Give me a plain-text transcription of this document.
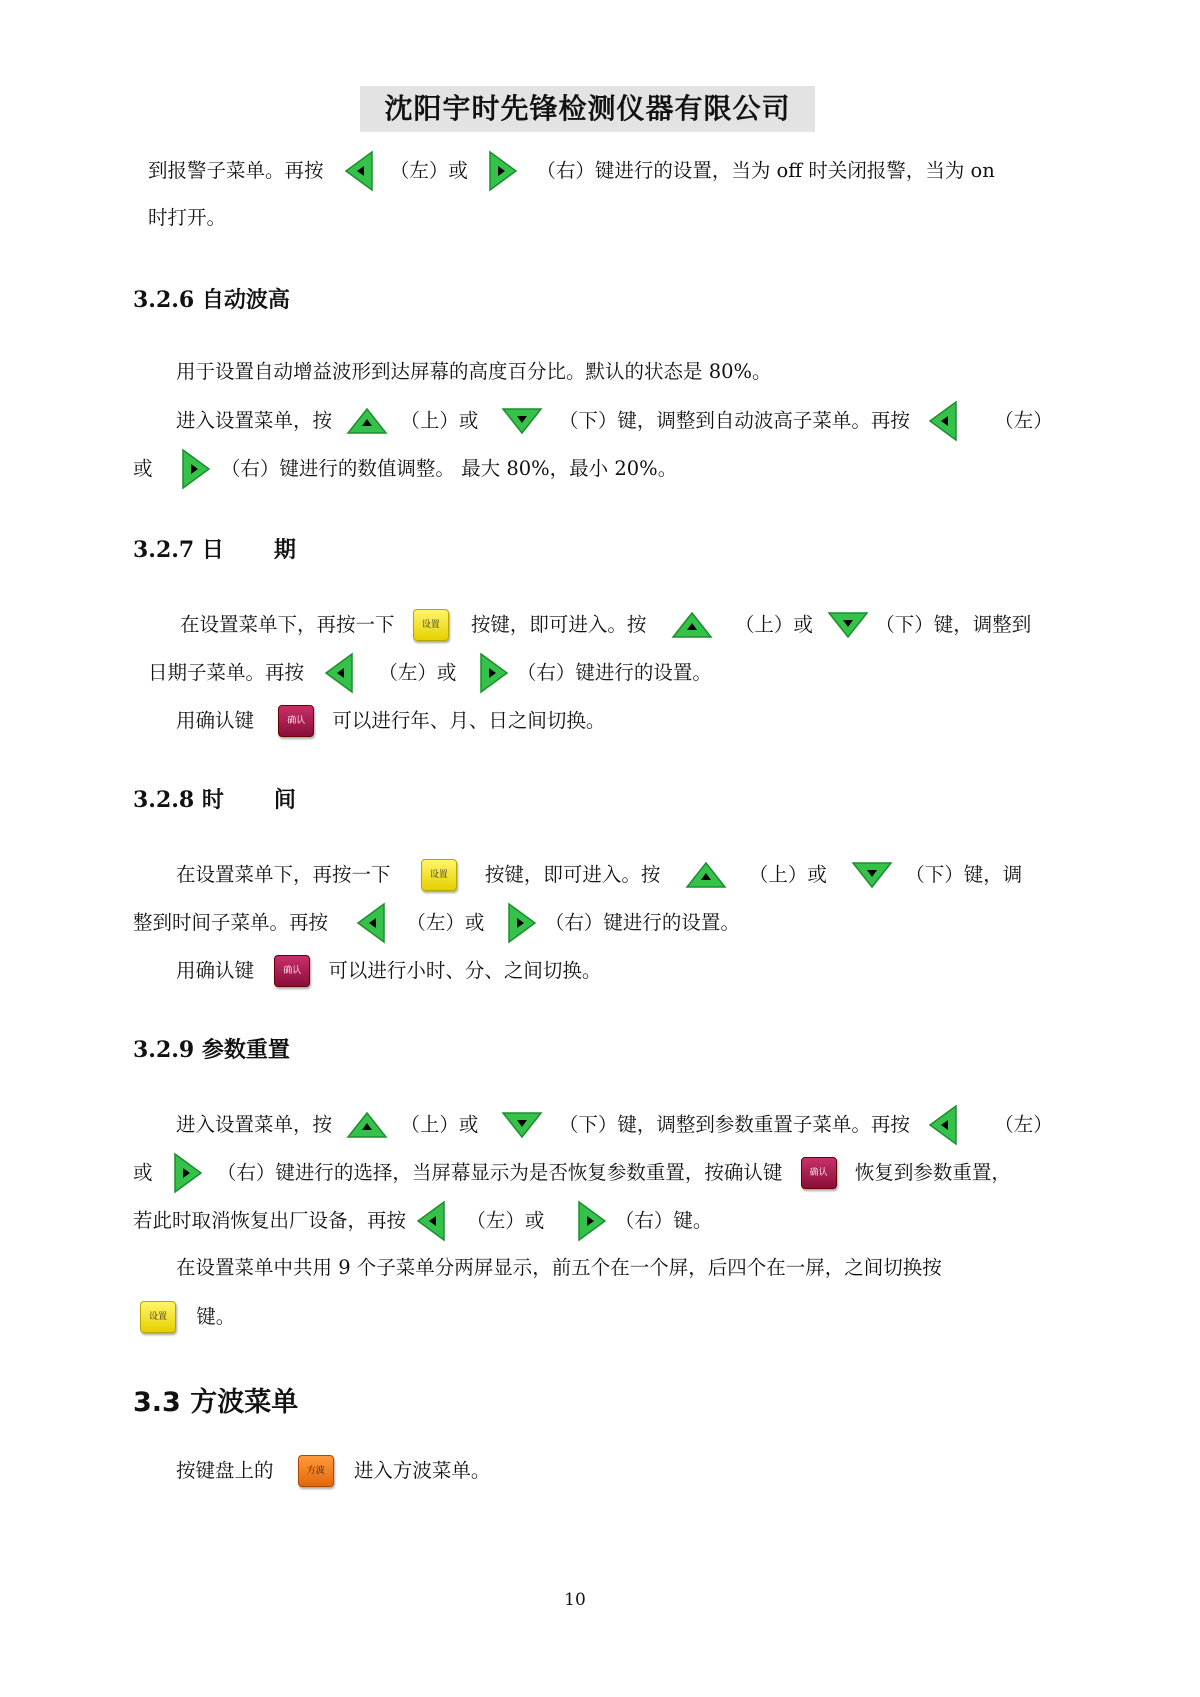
沈阳宇时先锋检测仪器有限公司
到报警子菜单。再按	（左）或	（右）键进行的设置，当为 off 时关闭报警，当为 on
时打开。
3.2.6 自动波高
用于设置自动增益波形到达屏幕的高度百分比。默认的状态是 80%。
进入设置菜单，按	（上）或	（下）键，调整到自动波高子菜单。再按	（左）
或	（右）键进行的数值调整。 最大 80%，最小 20%。
3.2.7 日 期
在设置菜单下，再按一下	设置 按键，即可进入。按	（上）或	（下）键，调整到
日期子菜单。再按	（左）或	（右）键进行的设置。
用确认键	确认 可以进行年、月、日之间切换。
3.2.8 时 间
在设置菜单下，再按一下	设置 按键，即可进入。按	（上）或	（下）键，调
整到时间子菜单。再按	（左）或	（右）键进行的设置。
用确认键	确认 可以进行小时、分、之间切换。
3.2.9 参数重置
进入设置菜单，按	（上）或	（下）键，调整到参数重置子菜单。再按	（左）
或	（右）键进行的选择，当屏幕显示为是否恢复参数重置，按确认键	确认 恢复到参数重置，
若此时取消恢复出厂设备，再按	（左）或	（右）键。
在设置菜单中共用 9 个子菜单分两屏显示，前五个在一个屏，后四个在一屏，之间切换按
设置 键。
3.3 方波菜单
按键盘上的	方波 进入方波菜单。
10
